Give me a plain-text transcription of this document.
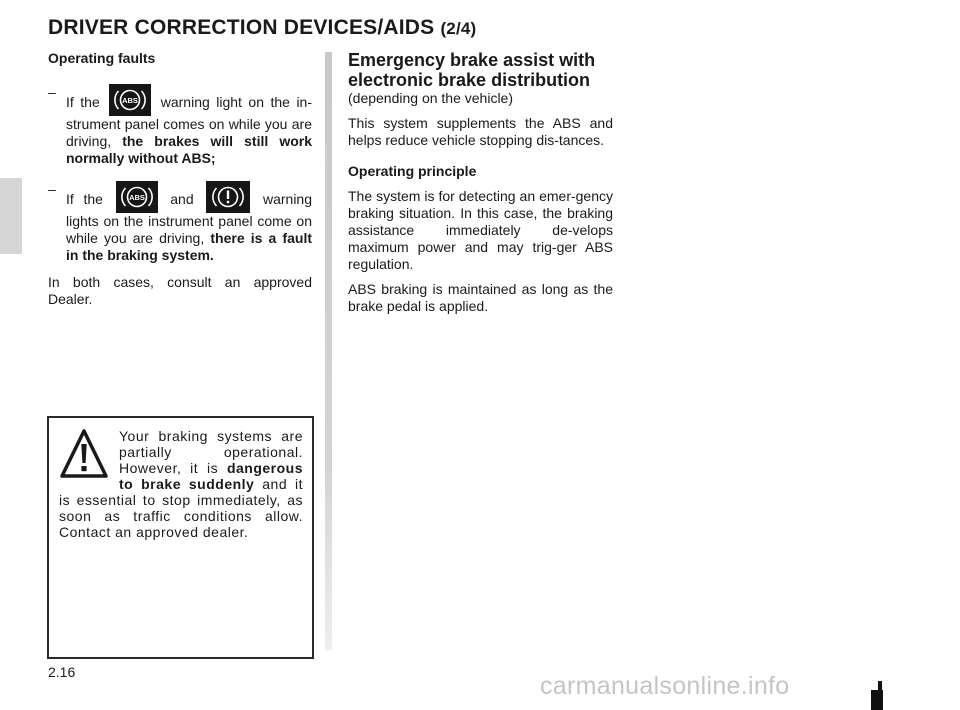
DRIVER CORRECTION DEVICES/AIDS (2/4)

Operating faults

–
If the	ABS warning light on the in-strument panel comes on while you are driving, the brakes will still work normally without ABS;
–
If the	ABS and	warning lights on the instrument panel come on while you are driving, there is a fault in the braking system.

In both cases, consult an approved Dealer.

Emergency brake assist with

electronic brake distribution

(depending on the vehicle)

This system supplements the ABS and helps reduce vehicle stopping dis-tances.

Operating principle

The system is for detecting an emer-gency braking situation. In this case, the braking assistance immediately de-velops maximum power and may trig-ger ABS regulation.

ABS braking is maintained as long as the brake pedal is applied.

Your braking systems are partially operational. However, it is dangerous to brake suddenly and it is essential to stop immediately, as soon as traffic conditions allow. Contact an approved dealer.

2.16	carmanualsonline.info
